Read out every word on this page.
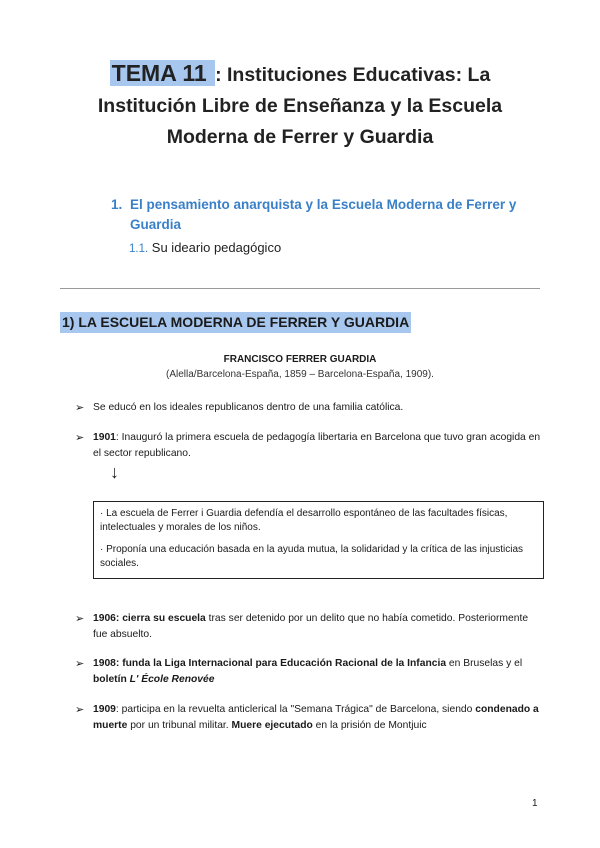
TEMA 11 : Instituciones Educativas: La
Institución Libre de Enseñanza y la Escuela
Moderna de Ferrer y Guardia
1. El pensamiento anarquista y la Escuela Moderna de Ferrer y Guardia
1.1. Su ideario pedagógico
1) LA ESCUELA MODERNA DE FERRER Y GUARDIA
FRANCISCO FERRER GUARDIA
(Alella/Barcelona-España, 1859 – Barcelona-España, 1909).
➢ Se educó en los ideales republicanos dentro de una familia católica.
➢ 1901: Inauguró la primera escuela de pedagogía libertaria en Barcelona que tuvo gran acogida en el sector republicano.
↓

· La escuela de Ferrer i Guardia defendía el desarrollo espontáneo de las facultades físicas, intelectuales y morales de los niños.

· Proponía una educación basada en la ayuda mutua, la solidaridad y la crítica de las injusticias sociales.

➢ 1906: cierra su escuela tras ser detenido por un delito que no había cometido. Posteriormente fue absuelto.
➢ 1908: funda la Liga Internacional para Educación Racional de la Infancia en Bruselas y el boletín L' École Renovée
➢ 1909: participa en la revuelta anticlerical la "Semana Trágica" de Barcelona, siendo condenado a muerte por un tribunal militar. Muere ejecutado en la prisión de Montjuic
1
